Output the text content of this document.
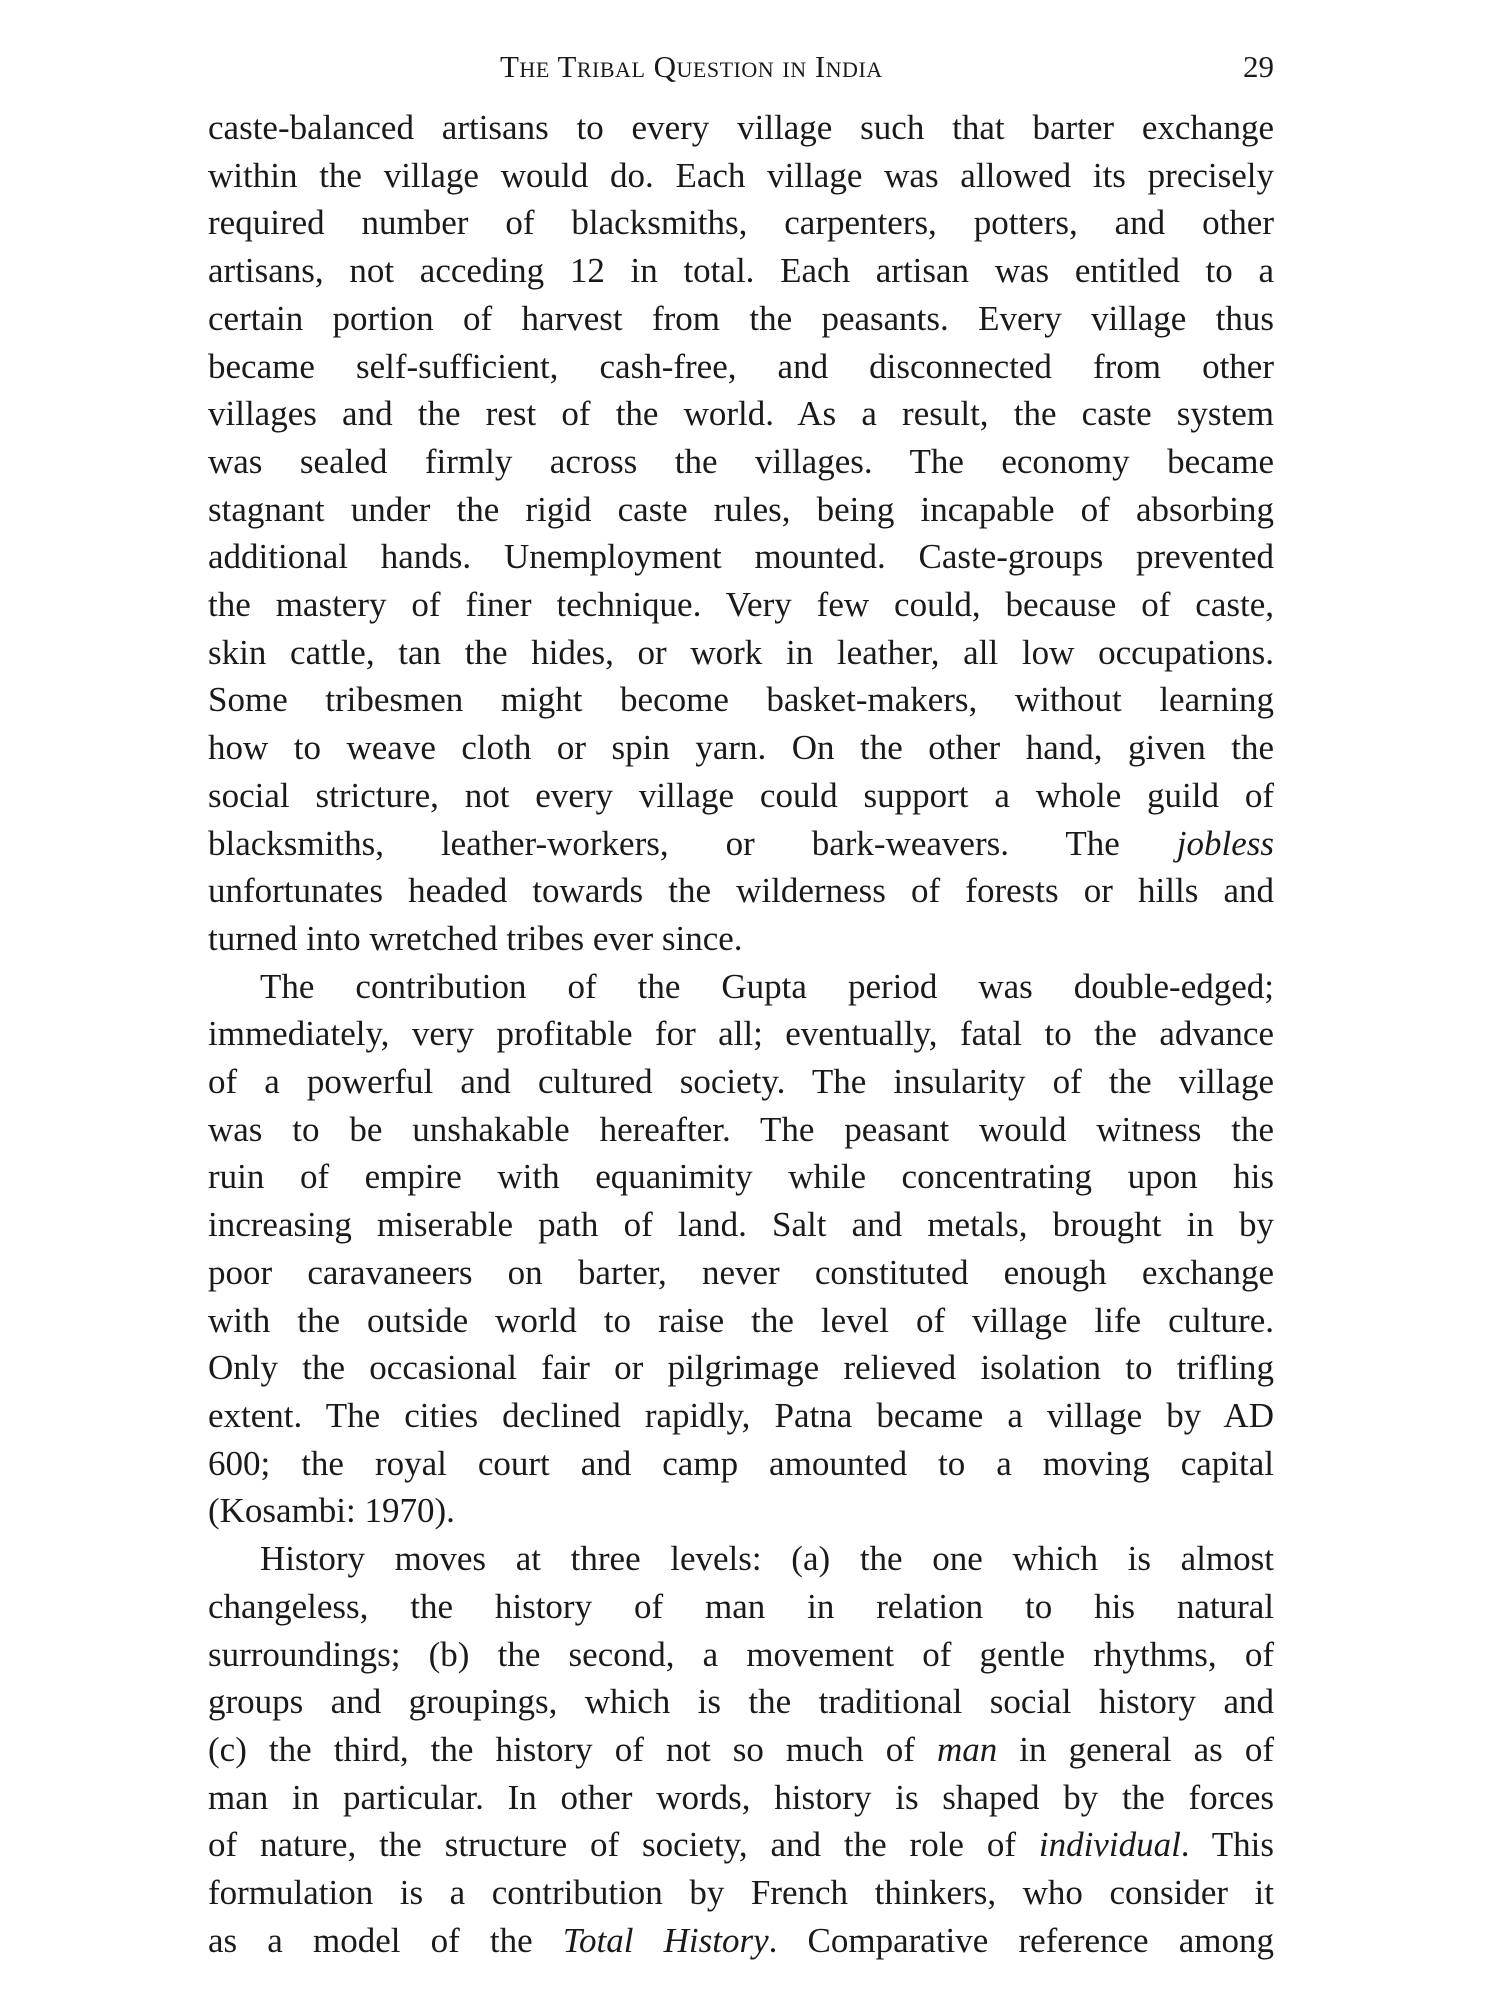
The Tribal Question in India	29
caste-balanced artisans to every village such that barter exchange
within the village would do. Each village was allowed its precisely
required number of blacksmiths, carpenters, potters, and other
artisans, not acceding 12 in total. Each artisan was entitled to a
certain portion of harvest from the peasants. Every village thus
became self-sufficient, cash-free, and disconnected from other
villages and the rest of the world. As a result, the caste system
was sealed firmly across the villages. The economy became
stagnant under the rigid caste rules, being incapable of absorbing
additional hands. Unemployment mounted. Caste-groups prevented
the mastery of finer technique. Very few could, because of caste,
skin cattle, tan the hides, or work in leather, all low occupations.
Some tribesmen might become basket-makers, without learning
how to weave cloth or spin yarn. On the other hand, given the
social stricture, not every village could support a whole guild of
blacksmiths, leather-workers, or bark-weavers. The jobless
unfortunates headed towards the wilderness of forests or hills and
turned into wretched tribes ever since.
The contribution of the Gupta period was double-edged;
immediately, very profitable for all; eventually, fatal to the advance
of a powerful and cultured society. The insularity of the village
was to be unshakable hereafter. The peasant would witness the
ruin of empire with equanimity while concentrating upon his
increasing miserable path of land. Salt and metals, brought in by
poor caravaneers on barter, never constituted enough exchange
with the outside world to raise the level of village life culture.
Only the occasional fair or pilgrimage relieved isolation to trifling
extent. The cities declined rapidly, Patna became a village by AD
600; the royal court and camp amounted to a moving capital
(Kosambi: 1970).
History moves at three levels: (a) the one which is almost
changeless, the history of man in relation to his natural
surroundings; (b) the second, a movement of gentle rhythms, of
groups and groupings, which is the traditional social history and
(c) the third, the history of not so much of man in general as of
man in particular. In other words, history is shaped by the forces
of nature, the structure of society, and the role of individual. This
formulation is a contribution by French thinkers, who consider it
as a model of the Total History. Comparative reference among
